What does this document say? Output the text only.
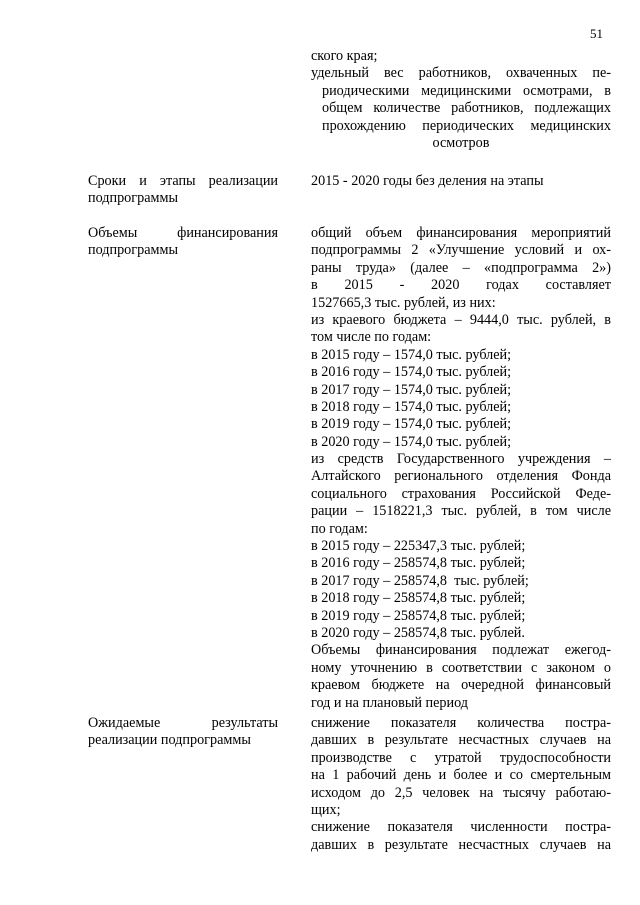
51
ского края;
удельный вес работников, охваченных пе-
риодическими медицинскими осмотрами, в
общем количестве работников, подлежащих
прохождению периодических медицинских
осмотров
Сроки и этапы реализации
подпрограммы
2015 - 2020 годы без деления на этапы
Объемы финансирования
подпрограммы
общий объем финансирования мероприятий
подпрограммы 2 «Улучшение условий и ох-
раны труда» (далее – «подпрограмма 2»)
в 2015 - 2020 годах составляет
1527665,3 тыс. рублей, из них:
из краевого бюджета – 9444,0 тыс. рублей, в
том числе по годам:
в 2015 году – 1574,0 тыс. рублей;
в 2016 году – 1574,0 тыс. рублей;
в 2017 году – 1574,0 тыс. рублей;
в 2018 году – 1574,0 тыс. рублей;
в 2019 году – 1574,0 тыс. рублей;
в 2020 году – 1574,0 тыс. рублей;
из средств Государственного учреждения –
Алтайского регионального отделения Фонда
социального страхования Российской Феде-
рации – 1518221,3 тыс. рублей, в том числе
по годам:
в 2015 году – 225347,3 тыс. рублей;
в 2016 году – 258574,8 тыс. рублей;
в 2017 году – 258574,8  тыс. рублей;
в 2018 году – 258574,8 тыс. рублей;
в 2019 году – 258574,8 тыс. рублей;
в 2020 году – 258574,8 тыс. рублей.
Объемы финансирования подлежат ежегод-
ному уточнению в соответствии с законом о
краевом бюджете на очередной финансовый
год и на плановый период
Ожидаемые результаты
реализации подпрограммы
снижение показателя количества постра-
давших в результате несчастных случаев на
производстве с утратой трудоспособности
на 1 рабочий день и более и со смертельным
исходом до 2,5 человек на тысячу работаю-
щих;
снижение показателя численности постра-
давших в результате несчастных случаев на
